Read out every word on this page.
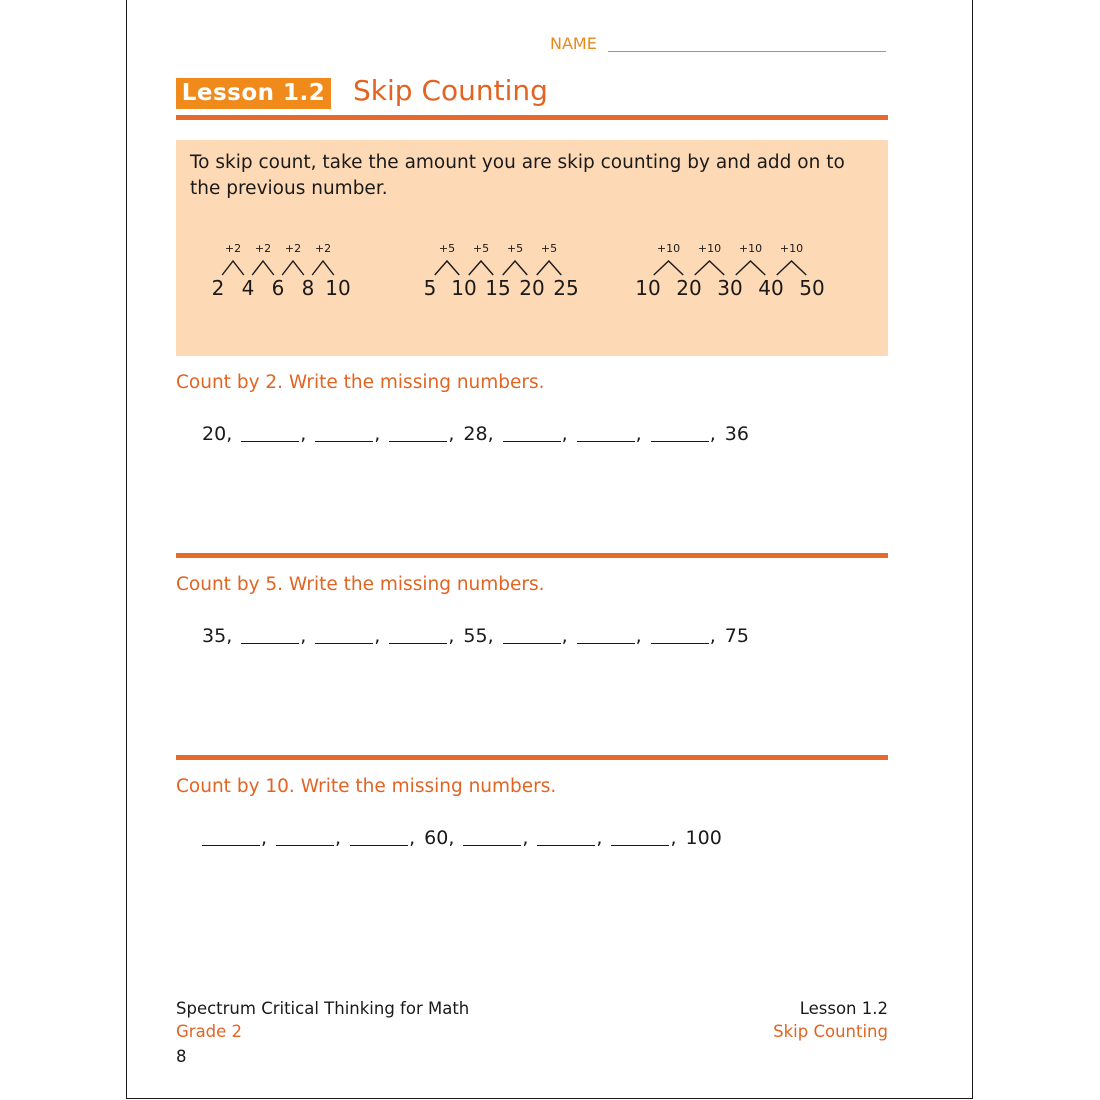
NAME
Lesson 1.2 Skip Counting
To skip count, take the amount you are skip counting by and add on to the previous number.
2
+2
4
+2
6
+2
8
+2
10	5
+5
10
+5
15
+5
20
+5
25	10
+10
20
+10
30
+10
40
+10
50
Count by 2. Write the missing numbers.
20,	,	,	, 28,	,	,	, 36
Count by 5. Write the missing numbers.
35,	,	,	, 55,	,	,	, 75
Count by 10. Write the missing numbers.
,	,	, 60,	,	,	, 100
Spectrum Critical Thinking for Math
Grade 2
8
Lesson 1.2
Skip Counting
